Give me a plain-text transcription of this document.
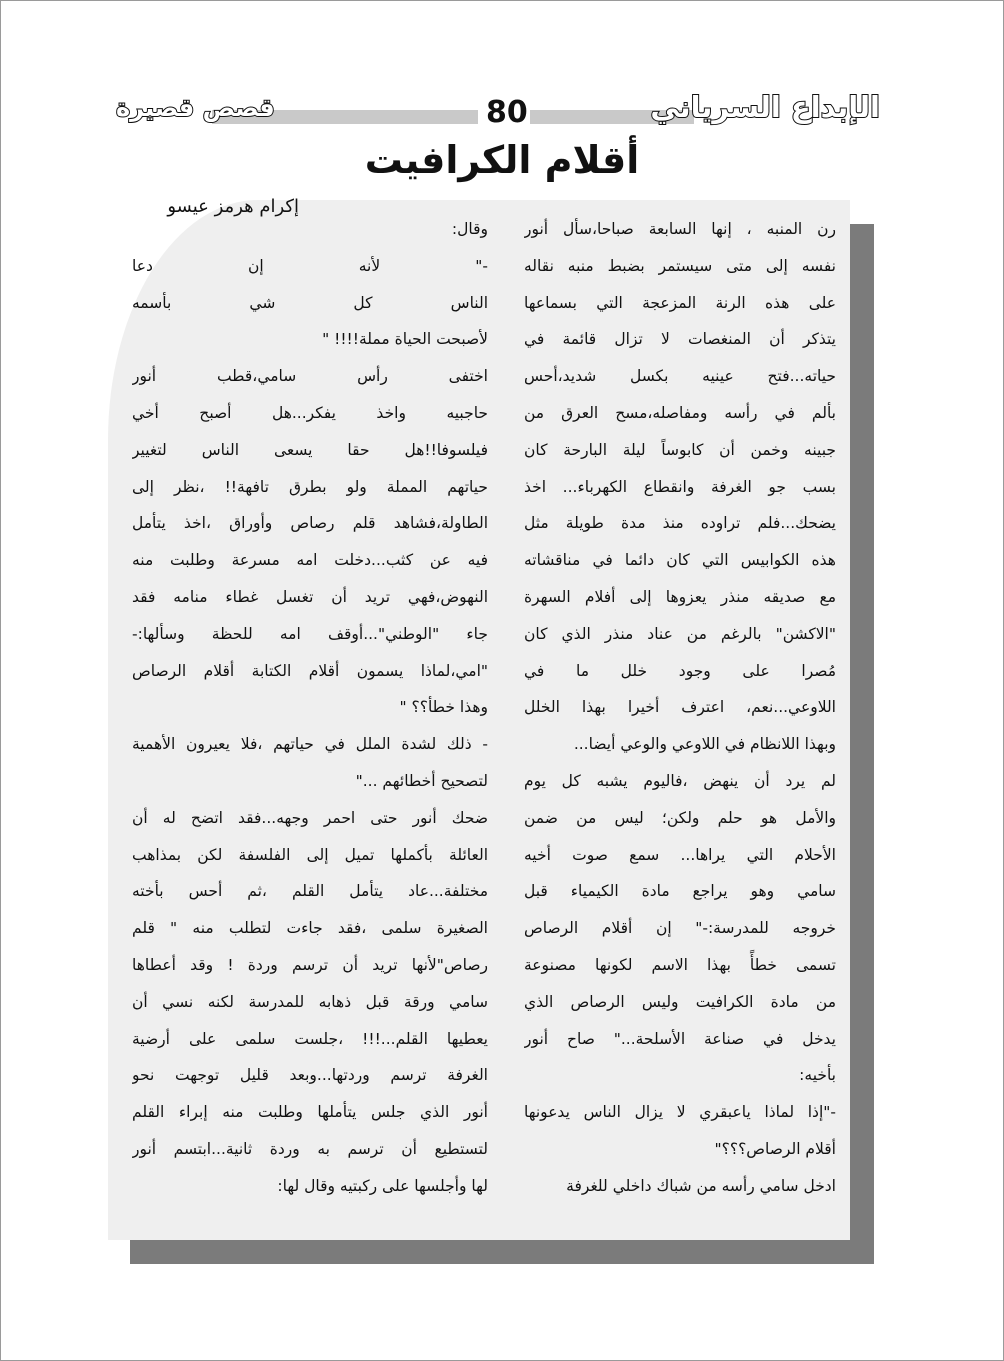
الإبداع السرياني
قصص قصيرة	80
أقلام الكرافيت
إكرام هرمز عيسو
رن المنبه ، إنها السابعة صباحا،سأل أنور
نفسه إلى متى سيستمر بضبط منبه نقاله
على هذه الرنة المزعجة التي بسماعها
يتذكر أن المنغصات لا تزال قائمة في
حياته...فتح عينيه بكسل شديد،أحس
بألم في رأسه ومفاصله،مسح العرق من
جبينه وخمن أن كابوساً ليلة البارحة كان
بسب جو الغرفة وانقطاع الكهرباء... اخذ
يضحك...فلم تراوده منذ مدة طويلة مثل
هذه الكوابيس التي كان دائما في مناقشاته
مع صديقه منذر يعزوها إلى أفلام السهرة
"الاكشن" بالرغم من عناد منذر الذي كان
مُصرا على وجود خلل ما في
اللاوعي...نعم، اعترف أخيرا بهذا الخلل
وبهذا اللانظام في اللاوعي والوعي أيضا...
لم يرد أن ينهض ،فاليوم يشبه كل يوم
والأمل هو حلم ولكن؛ ليس من ضمن
الأحلام التي يراها... سمع صوت أخيه
سامي وهو يراجع مادة الكيمياء قبل
خروجه للمدرسة:-" إن أقلام الرصاص
تسمى خطأً بهذا الاسم لكونها مصنوعة
من مادة الكرافيت وليس الرصاص الذي
يدخل في صناعة الأسلحة..." صاح أنور
بأخيه:
-"إذا لماذا ياعبقري لا يزال الناس يدعونها
أقلام الرصاص؟؟؟"
ادخل سامي رأسه من شباك داخلي للغرفة
وقال:
-" لأنه إن دعا
الناس كل شي بأسمه
لأصبحت الحياة مملة!!!! "
اختفى رأس سامي،قطب أنور
حاجبيه واخذ يفكر...هل أصبح أخي
فيلسوفا!!هل حقا يسعى الناس لتغيير
حياتهم المملة ولو بطرق تافهة!! ،نظر إلى
الطاولة،فشاهد قلم رصاص وأوراق ،اخذ يتأمل
فيه عن كثب...دخلت امه مسرعة وطلبت منه
النهوض،فهي تريد أن تغسل غطاء منامه فقد
جاء "الوطني"...أوقف امه للحظة وسألها:-
"امي،لماذا يسمون أقلام الكتابة أقلام الرصاص
وهذا خطأ؟؟ "
- ذلك لشدة الملل في حياتهم ،فلا يعيرون الأهمية
لتصحيح أخطائهم ..."
ضحك أنور حتى احمر وجهه...فقد اتضح له أن
العائلة بأكملها تميل إلى الفلسفة لكن بمذاهب
مختلفة...عاد يتأمل القلم ،ثم أحس بأخته
الصغيرة سلمى ،فقد جاءت لتطلب منه " قلم
رصاص"لأنها تريد أن ترسم وردة ! وقد أعطاها
سامي ورقة قبل ذهابه للمدرسة لكنه نسي أن
يعطيها القلم...!!! ،جلست سلمى على أرضية
الغرفة ترسم وردتها...وبعد قليل توجهت نحو
أنور الذي جلس يتأملها وطلبت منه إبراء القلم
لتستطيع أن ترسم به وردة ثانية...ابتسم أنور
لها وأجلسها على ركبتيه وقال لها:
